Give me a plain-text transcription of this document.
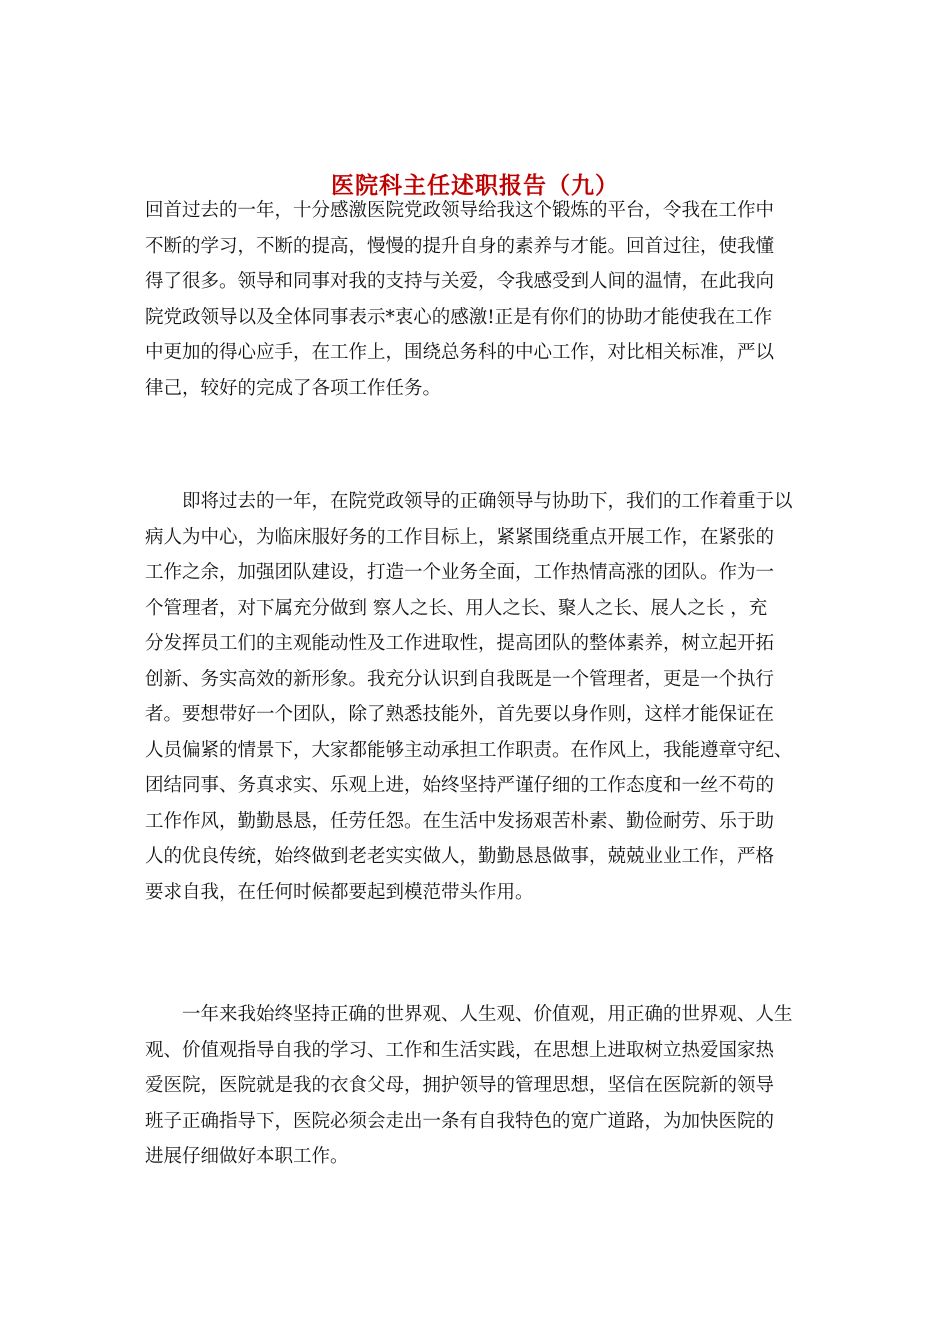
医院科主任述职报告（九）

回首过去的一年，十分感激医院党政领导给我这个锻炼的平台，令我在工作中
不断的学习，不断的提高，慢慢的提升自身的素养与才能。回首过往，使我懂
得了很多。领导和同事对我的支持与关爱，令我感受到人间的温情，在此我向
院党政领导以及全体同事表示*衷心的感激!正是有你们的协助才能使我在工作
中更加的得心应手，在工作上，围绕总务科的中心工作，对比相关标准，严以
律己，较好的完成了各项工作任务。

　　即将过去的一年，在院党政领导的正确领导与协助下，我们的工作着重于以
病人为中心，为临床服好务的工作目标上，紧紧围绕重点开展工作，在紧张的
工作之余，加强团队建设，打造一个业务全面，工作热情高涨的团队。作为一
个管理者，对下属充分做到 察人之长、用人之长、聚人之长、展人之长 ，充
分发挥员工们的主观能动性及工作进取性，提高团队的整体素养，树立起开拓
创新、务实高效的新形象。我充分认识到自我既是一个管理者，更是一个执行
者。要想带好一个团队，除了熟悉技能外，首先要以身作则，这样才能保证在
人员偏紧的情景下，大家都能够主动承担工作职责。在作风上，我能遵章守纪、
团结同事、务真求实、乐观上进，始终坚持严谨仔细的工作态度和一丝不苟的
工作作风，勤勤恳恳，任劳任怨。在生活中发扬艰苦朴素、勤俭耐劳、乐于助
人的优良传统，始终做到老老实实做人，勤勤恳恳做事，兢兢业业工作，严格
要求自我，在任何时候都要起到模范带头作用。

　　一年来我始终坚持正确的世界观、人生观、价值观，用正确的世界观、人生
观、价值观指导自我的学习、工作和生活实践，在思想上进取树立热爱国家热
爱医院，医院就是我的衣食父母，拥护领导的管理思想，坚信在医院新的领导
班子正确指导下，医院必须会走出一条有自我特色的宽广道路，为加快医院的
进展仔细做好本职工作。
